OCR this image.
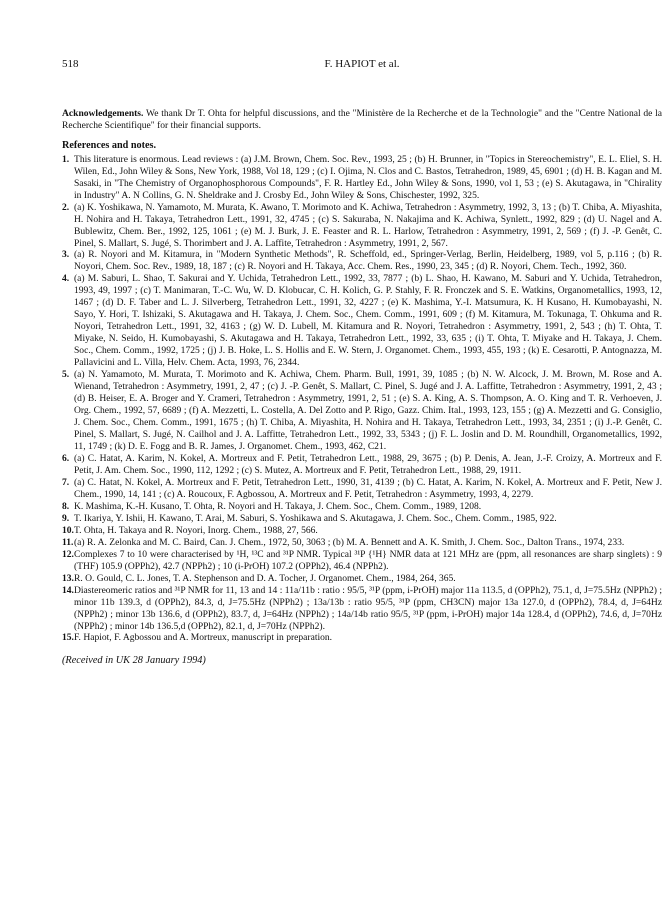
518	F. HAPIOT et al.

Acknowledgements. We thank Dr T. Ohta for helpful discussions, and the "Ministère de la Recherche et de la Technologie" and the "Centre National de la Recherche Scientifique" for their financial supports.

References and notes.
1. This literature is enormous. Lead reviews : (a) J.M. Brown, Chem. Soc. Rev., 1993, 25 ; (b) H. Brunner, in "Topics in Stereochemistry", E. L. Eliel, S. H. Wilen, Ed., John Wiley & Sons, New York, 1988, Vol 18, 129 ; (c) I. Ojima, N. Clos and C. Bastos, Tetrahedron, 1989, 45, 6901 ; (d) H. B. Kagan and M. Sasaki, in "The Chemistry of Organophosphorous Compounds", F. R. Hartley Ed., John Wiley & Sons, 1990, vol 1, 53 ; (e) S. Akutagawa, in "Chirality in Industry" A. N Collins, G. N. Sheldrake and J. Crosby Ed., John Wiley & Sons, Chischester, 1992, 325.
2. (a) K. Yoshikawa, N. Yamamoto, M. Murata, K. Awano, T. Morimoto and K. Achiwa, Tetrahedron : Asymmetry, 1992, 3, 13 ; (b) T. Chiba, A. Miyashita, H. Nohira and H. Takaya, Tetrahedron Lett., 1991, 32, 4745 ; (c) S. Sakuraba, N. Nakajima and K. Achiwa, Synlett., 1992, 829 ; (d) U. Nagel and A. Bublewitz, Chem. Ber., 1992, 125, 1061 ; (e) M. J. Burk, J. E. Feaster and R. L. Harlow, Tetrahedron : Asymmetry, 1991, 2, 569 ; (f) J. -P. Genêt, C. Pinel, S. Mallart, S. Jugé, S. Thorimbert and J. A. Laffite, Tetrahedron : Asymmetry, 1991, 2, 567.
3. (a) R. Noyori and M. Kitamura, in "Modern Synthetic Methods", R. Scheffold, ed., Springer-Verlag, Berlin, Heidelberg, 1989, vol 5, p.116 ; (b) R. Noyori, Chem. Soc. Rev., 1989, 18, 187 ; (c) R. Noyori and H. Takaya, Acc. Chem. Res., 1990, 23, 345 ; (d) R. Noyori, Chem. Tech., 1992, 360.
4. (a) M. Saburi, L. Shao, T. Sakurai and Y. Uchida, Tetrahedron Lett., 1992, 33, 7877 ; (b) L. Shao, H. Kawano, M. Saburi and Y. Uchida, Tetrahedron, 1993, 49, 1997 ; (c) T. Manimaran, T.-C. Wu, W. D. Klobucar, C. H. Kolich, G. P. Stahly, F. R. Fronczek and S. E. Watkins, Organometallics, 1993, 12, 1467 ; (d) D. F. Taber and L. J. Silverberg, Tetrahedron Lett., 1991, 32, 4227 ; (e) K. Mashima, Y.-I. Matsumura, K. H Kusano, H. Kumobayashi, N. Sayo, Y. Hori, T. Ishizaki, S. Akutagawa and H. Takaya, J. Chem. Soc., Chem. Comm., 1991, 609 ; (f) M. Kitamura, M. Tokunaga, T. Ohkuma and R. Noyori, Tetrahedron Lett., 1991, 32, 4163 ; (g) W. D. Lubell, M. Kitamura and R. Noyori, Tetrahedron : Asymmetry, 1991, 2, 543 ; (h) T. Ohta, T. Miyake, N. Seido, H. Kumobayashi, S. Akutagawa and H. Takaya, Tetrahedron Lett., 1992, 33, 635 ; (i) T. Ohta, T. Miyake and H. Takaya, J. Chem. Soc., Chem. Comm., 1992, 1725 ; (j) J. B. Hoke, L. S. Hollis and E. W. Stern, J. Organomet. Chem., 1993, 455, 193 ; (k) E. Cesarotti, P. Antognazza, M. Pallavicini and L. Villa, Helv. Chem. Acta, 1993, 76, 2344.
5. (a) N. Yamamoto, M. Murata, T. Morimoto and K. Achiwa, Chem. Pharm. Bull, 1991, 39, 1085 ; (b) N. W. Alcock, J. M. Brown, M. Rose and A. Wienand, Tetrahedron : Asymmetry, 1991, 2, 47 ; (c) J. -P. Genêt, S. Mallart, C. Pinel, S. Jugé and J. A. Laffitte, Tetrahedron : Asymmetry, 1991, 2, 43 ; (d) B. Heiser, E. A. Broger and Y. Crameri, Tetrahedron : Asymmetry, 1991, 2, 51 ; (e) S. A. King, A. S. Thompson, A. O. King and T. R. Verhoeven, J. Org. Chem., 1992, 57, 6689 ; (f) A. Mezzetti, L. Costella, A. Del Zotto and P. Rigo, Gazz. Chim. Ital., 1993, 123, 155 ; (g) A. Mezzetti and G. Consiglio, J. Chem. Soc., Chem. Comm., 1991, 1675 ; (h) T. Chiba, A. Miyashita, H. Nohira and H. Takaya, Tetrahedron Lett., 1993, 34, 2351 ; (i) J.-P. Genêt, C. Pinel, S. Mallart, S. Jugé, N. Cailhol and J. A. Laffitte, Tetrahedron Lett., 1992, 33, 5343 ; (j) F. L. Joslin and D. M. Roundhill, Organometallics, 1992, 11, 1749 ; (k) D. E. Fogg and B. R. James, J. Organomet. Chem., 1993, 462, C21.
6. (a) C. Hatat, A. Karim, N. Kokel, A. Mortreux and F. Petit, Tetrahedron Lett., 1988, 29, 3675 ; (b) P. Denis, A. Jean, J.-F. Croizy, A. Mortreux and F. Petit, J. Am. Chem. Soc., 1990, 112, 1292 ; (c) S. Mutez, A. Mortreux and F. Petit, Tetrahedron Lett., 1988, 29, 1911.
7. (a) C. Hatat, N. Kokel, A. Mortreux and F. Petit, Tetrahedron Lett., 1990, 31, 4139 ; (b) C. Hatat, A. Karim, N. Kokel, A. Mortreux and F. Petit, New J. Chem., 1990, 14, 141 ; (c) A. Roucoux, F. Agbossou, A. Mortreux and F. Petit, Tetrahedron : Asymmetry, 1993, 4, 2279.
8. K. Mashima, K.-H. Kusano, T. Ohta, R. Noyori and H. Takaya, J. Chem. Soc., Chem. Comm., 1989, 1208.
9. T. Ikariya, Y. Ishii, H. Kawano, T. Arai, M. Saburi, S. Yoshikawa and S. Akutagawa, J. Chem. Soc., Chem. Comm., 1985, 922.
10. T. Ohta, H. Takaya and R. Noyori, Inorg. Chem., 1988, 27, 566.
11. (a) R. A. Zelonka and M. C. Baird, Can. J. Chem., 1972, 50, 3063 ; (b) M. A. Bennett and A. K. Smith, J. Chem. Soc., Dalton Trans., 1974, 233.
12. Complexes 7 to 10 were characterised by ¹H, ¹³C and ³¹P NMR. Typical ³¹P {¹H} NMR data at 121 MHz are (ppm, all resonances are sharp singlets) : 9 (THF) 105.9 (OPPh2), 42.7 (NPPh2) ; 10 (i-PrOH) 107.2 (OPPh2), 46.4 (NPPh2).
13. R. O. Gould, C. L. Jones, T. A. Stephenson and D. A. Tocher, J. Organomet. Chem., 1984, 264, 365.
14. Diastereomeric ratios and ³¹P NMR for 11, 13 and 14 : 11a/11b : ratio : 95/5, ³¹P (ppm, i-PrOH) major 11a 113.5, d (OPPh2), 75.1, d, J=75.5Hz (NPPh2) ; minor 11b 139.3, d (OPPh2), 84.3, d, J=75.5Hz (NPPh2) ; 13a/13b : ratio 95/5, ³¹P (ppm, CH3CN) major 13a 127.0, d (OPPh2), 78.4, d, J=64Hz (NPPh2) ; minor 13b 136.6, d (OPPh2), 83.7, d, J=64Hz (NPPh2) ; 14a/14b ratio 95/5, ³¹P (ppm, i-PrOH) major 14a 128.4, d (OPPh2), 74.6, d, J=70Hz (NPPh2) ; minor 14b 136.5,d (OPPh2), 82.1, d, J=70Hz (NPPh2).
15. F. Hapiot, F. Agbossou and A. Mortreux, manuscript in preparation.
(Received in UK 28 January 1994)
